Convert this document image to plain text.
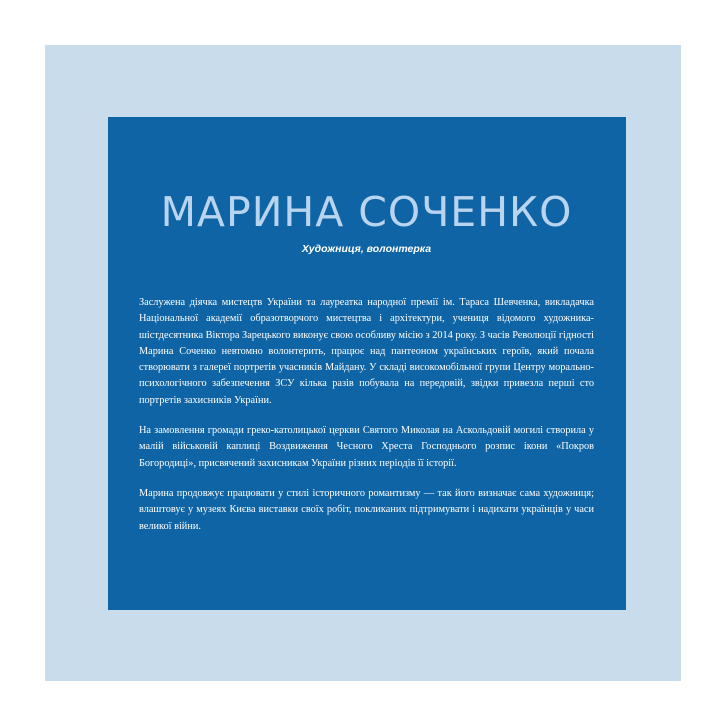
МАРИНА СОЧЕНКО
Художниця, волонтерка

Заслужена діячка мистецтв України та лауреатка народної премії ім. Тараса Шевченка, викладачка Національної академії образотворчого мистецтва і архітектури, учениця відомого художника-шістдесятника Віктора Зарецького виконує свою особливу місію з 2014 року. З часів Революції гідності Марина Соченко невтомно волонтерить, працює над пантеоном українських героїв, який почала створювати з галереї портретів учасників Майдану. У складі високомобільної групи Центру морально-психологічного забезпечення ЗСУ кілька разів побувала на передовій, звідки привезла перші сто портретів захисників України.

На замовлення громади греко-католицької церкви Святого Миколая на Аскольдовій могилі створила у малій військовій каплиці Воздвиження Чесного Хреста Господнього розпис ікони «Покров Богородиці», присвячений захисникам України різних періодів її історії.

Марина продовжує працювати у стилі історичного романтизму — так його визначає сама художниця; влаштовує у музеях Києва виставки своїх робіт, покликаних підтримувати і надихати українців у часи великої війни.
